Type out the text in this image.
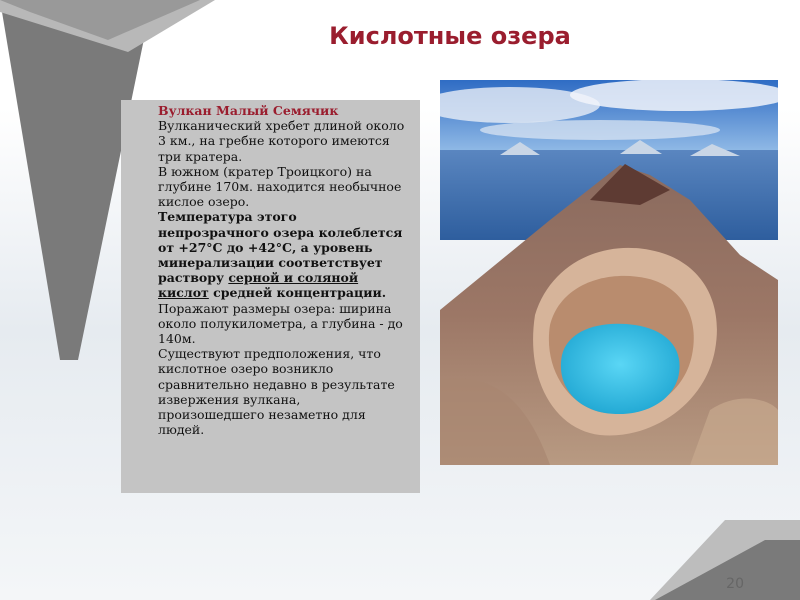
Кислотные озера
Вулкан Малый Семячик

Вулканический хребет длиной около 3 км., на гребне которого имеются три кратера.

В южном (кратер Троицкого) на глубине 170м. находится необычное кислое озеро.

Температура этого непрозрачного озера колеблется от +27°С до +42°С, а уровень минерализации соответствует раствору серной и соляной кислот средней концентрации.

Поражают размеры озера: ширина около полукилометра, а глубина - до 140м.

Существуют предположения, что кислотное озеро возникло сравнительно недавно в результате извержения вулкана, произошедшего незаметно для людей.

20
